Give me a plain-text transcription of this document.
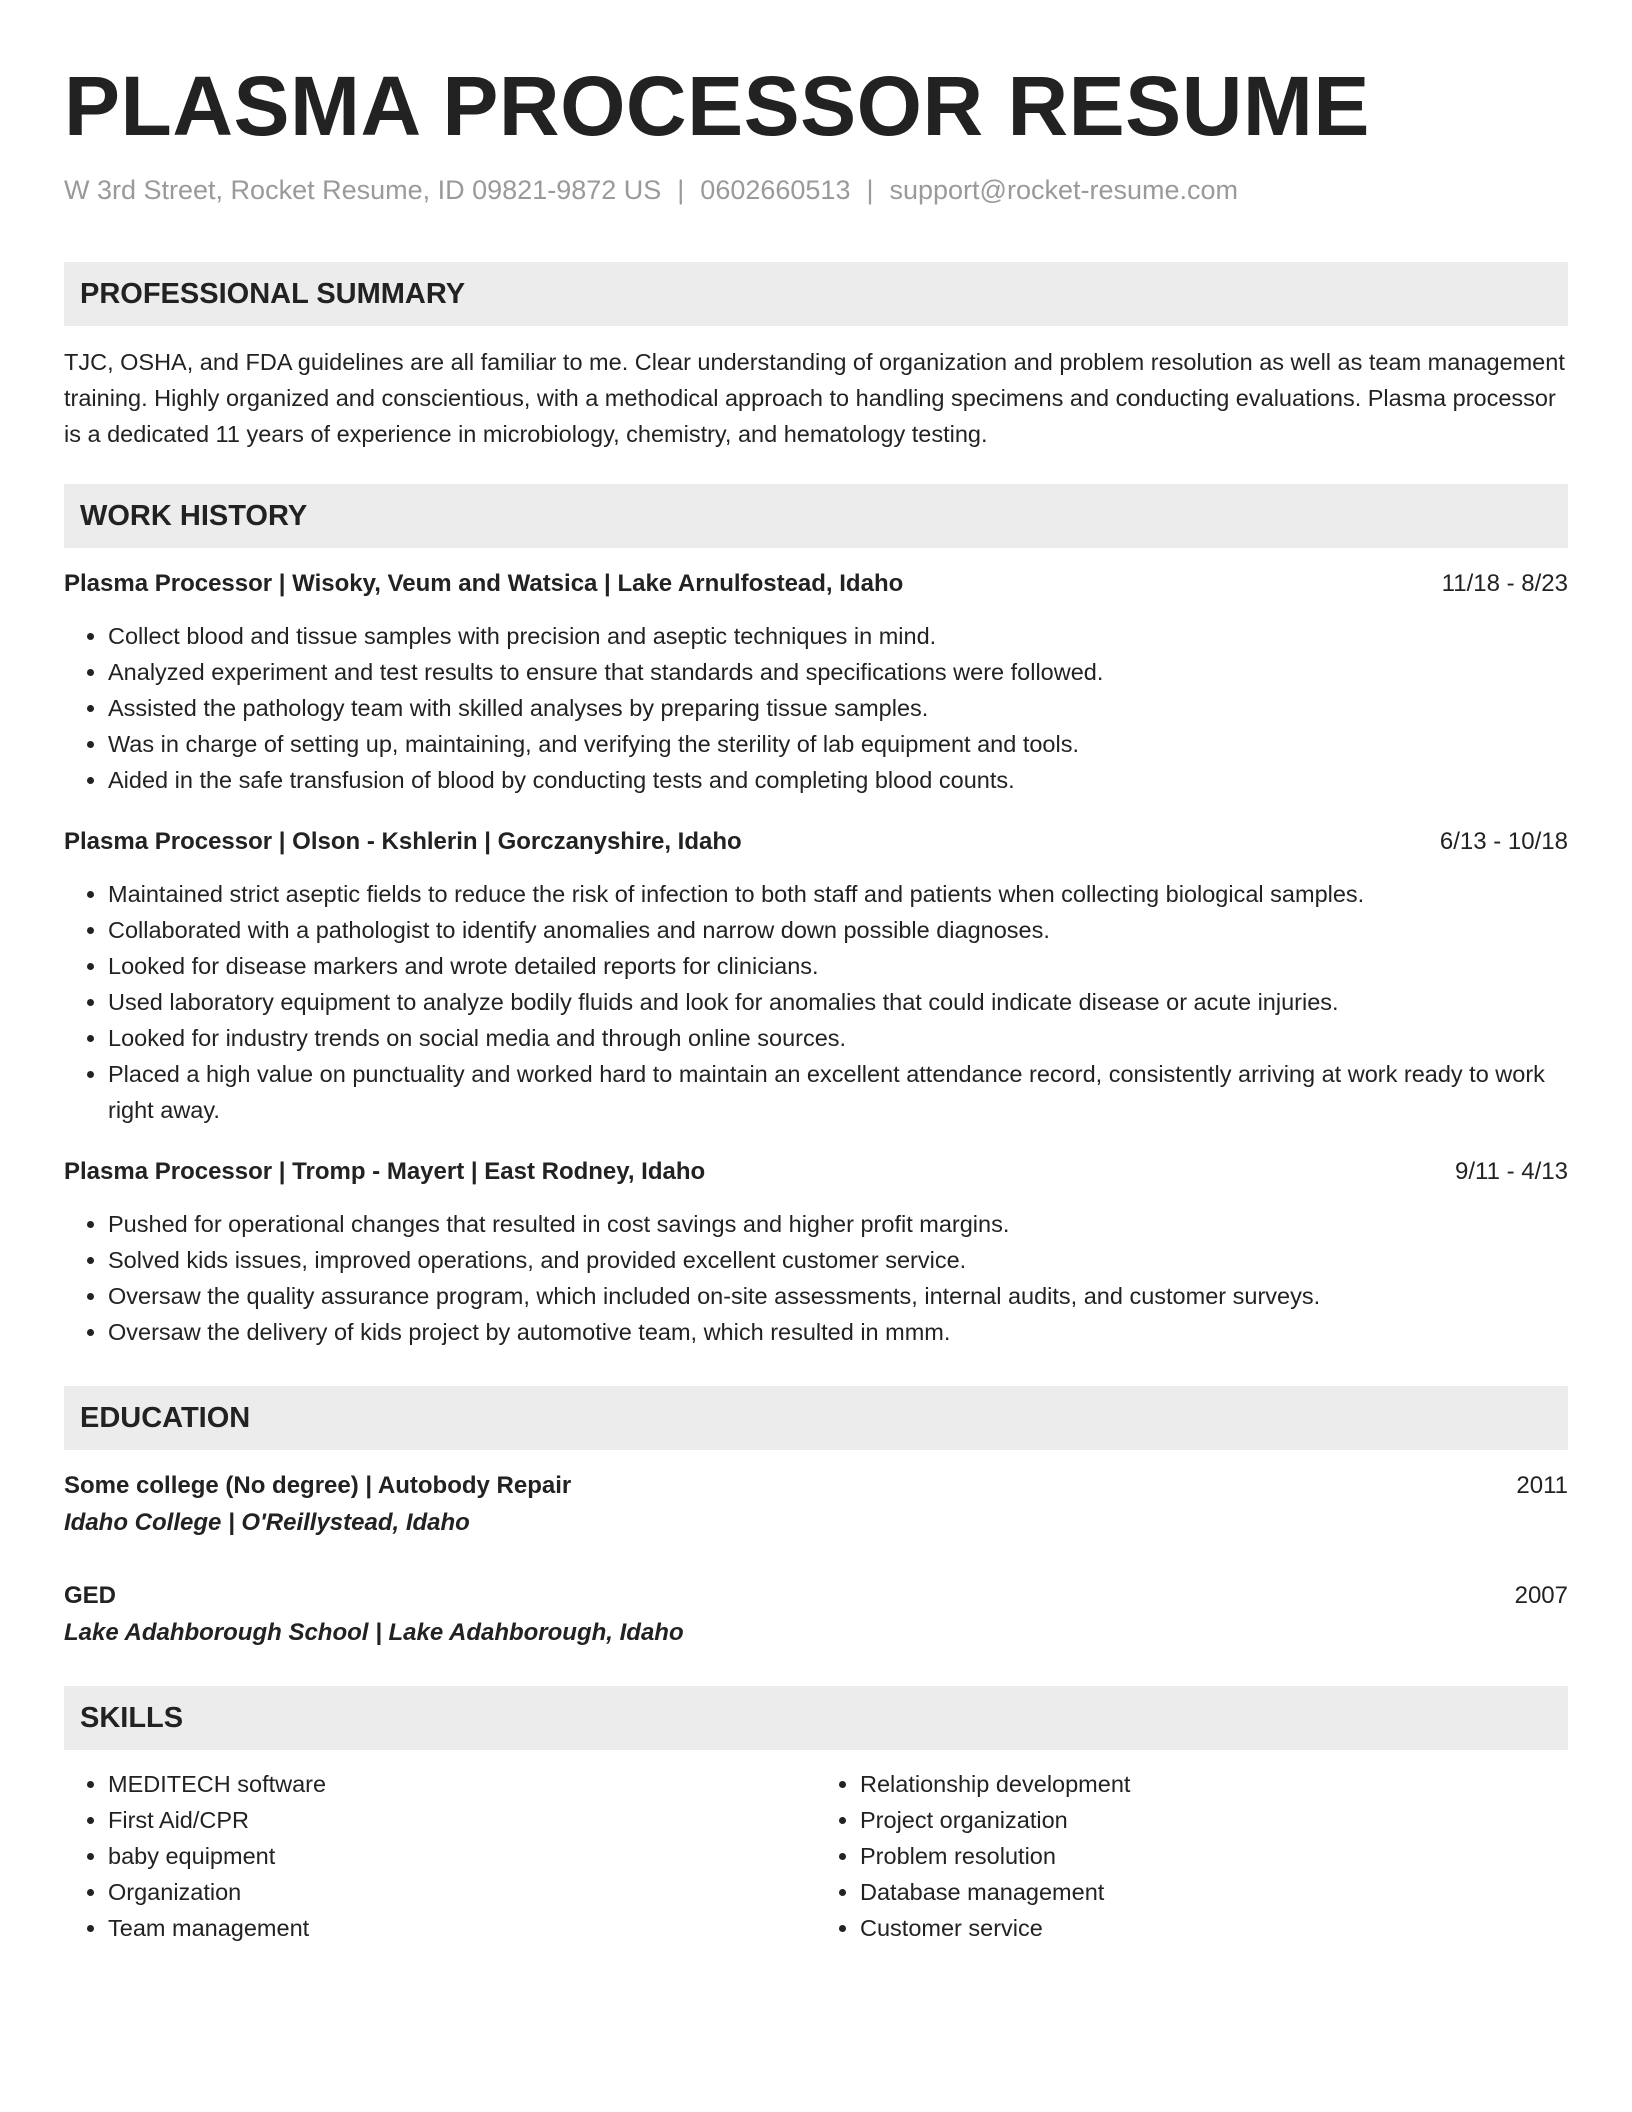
PLASMA PROCESSOR RESUME
W 3rd Street, Rocket Resume, ID 09821-9872 US | 0602660513 | support@rocket-resume.com
PROFESSIONAL SUMMARY
TJC, OSHA, and FDA guidelines are all familiar to me. Clear understanding of organization and problem resolution as well as team management training. Highly organized and conscientious, with a methodical approach to handling specimens and conducting evaluations. Plasma processor is a dedicated 11 years of experience in microbiology, chemistry, and hematology testing.
WORK HISTORY
Plasma Processor | Wisoky, Veum and Watsica | Lake Arnulfostead, Idaho	11/18 - 8/23
• Collect blood and tissue samples with precision and aseptic techniques in mind.
• Analyzed experiment and test results to ensure that standards and specifications were followed.
• Assisted the pathology team with skilled analyses by preparing tissue samples.
• Was in charge of setting up, maintaining, and verifying the sterility of lab equipment and tools.
• Aided in the safe transfusion of blood by conducting tests and completing blood counts.
Plasma Processor | Olson - Kshlerin | Gorczanyshire, Idaho	6/13 - 10/18
• Maintained strict aseptic fields to reduce the risk of infection to both staff and patients when collecting biological samples.
• Collaborated with a pathologist to identify anomalies and narrow down possible diagnoses.
• Looked for disease markers and wrote detailed reports for clinicians.
• Used laboratory equipment to analyze bodily fluids and look for anomalies that could indicate disease or acute injuries.
• Looked for industry trends on social media and through online sources.
• Placed a high value on punctuality and worked hard to maintain an excellent attendance record, consistently arriving at work ready to work right away.
Plasma Processor | Tromp - Mayert | East Rodney, Idaho	9/11 - 4/13
• Pushed for operational changes that resulted in cost savings and higher profit margins.
• Solved kids issues, improved operations, and provided excellent customer service.
• Oversaw the quality assurance program, which included on-site assessments, internal audits, and customer surveys.
• Oversaw the delivery of kids project by automotive team, which resulted in mmm.
EDUCATION
Some college (No degree) | Autobody Repair	2011
Idaho College | O'Reillystead, Idaho
GED	2007
Lake Adahborough School | Lake Adahborough, Idaho
SKILLS
• MEDITECH software
• First Aid/CPR
• baby equipment
• Organization
• Team management
• Relationship development
• Project organization
• Problem resolution
• Database management
• Customer service
